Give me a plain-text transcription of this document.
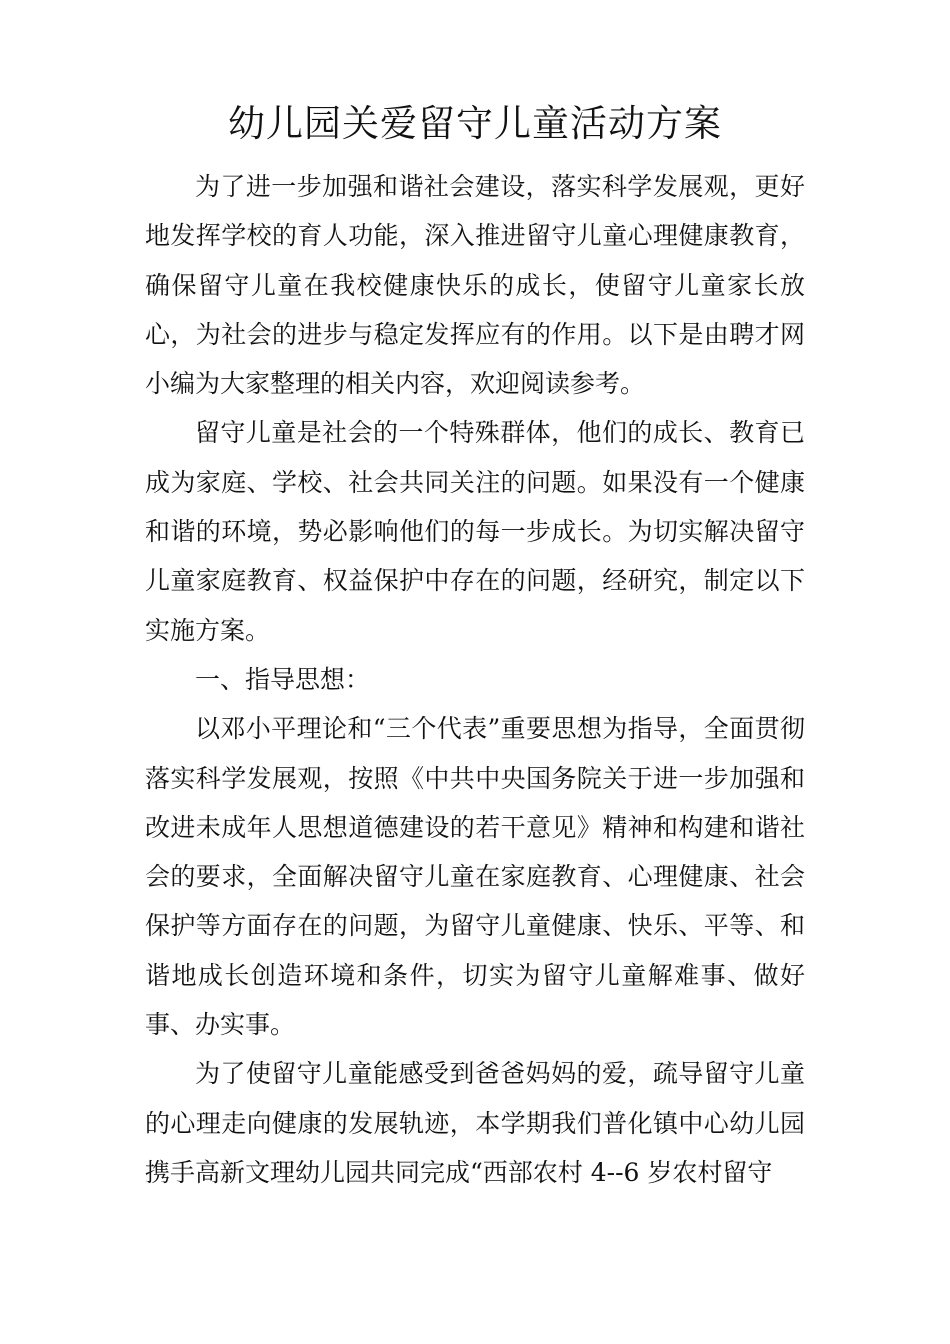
幼儿园关爱留守儿童活动方案

为了进一步加强和谐社会建设，落实科学发展观，更好地发挥学校的育人功能，深入推进留守儿童心理健康教育，确保留守儿童在我校健康快乐的成长，使留守儿童家长放心，为社会的进步与稳定发挥应有的作用。以下是由聘才网小编为大家整理的相关内容，欢迎阅读参考。

留守儿童是社会的一个特殊群体，他们的成长、教育已成为家庭、学校、社会共同关注的问题。如果没有一个健康和谐的环境，势必影响他们的每一步成长。为切实解决留守儿童家庭教育、权益保护中存在的问题，经研究，制定以下实施方案。

一、指导思想：

以邓小平理论和“三个代表”重要思想为指导，全面贯彻落实科学发展观，按照《中共中央国务院关于进一步加强和改进未成年人思想道德建设的若干意见》精神和构建和谐社会的要求，全面解决留守儿童在家庭教育、心理健康、社会保护等方面存在的问题，为留守儿童健康、快乐、平等、和谐地成长创造环境和条件，切实为留守儿童解难事、做好事、办实事。

为了使留守儿童能感受到爸爸妈妈的爱，疏导留守儿童的心理走向健康的发展轨迹，本学期我们普化镇中心幼儿园携手高新文理幼儿园共同完成“西部农村 4--6 岁农村留守
